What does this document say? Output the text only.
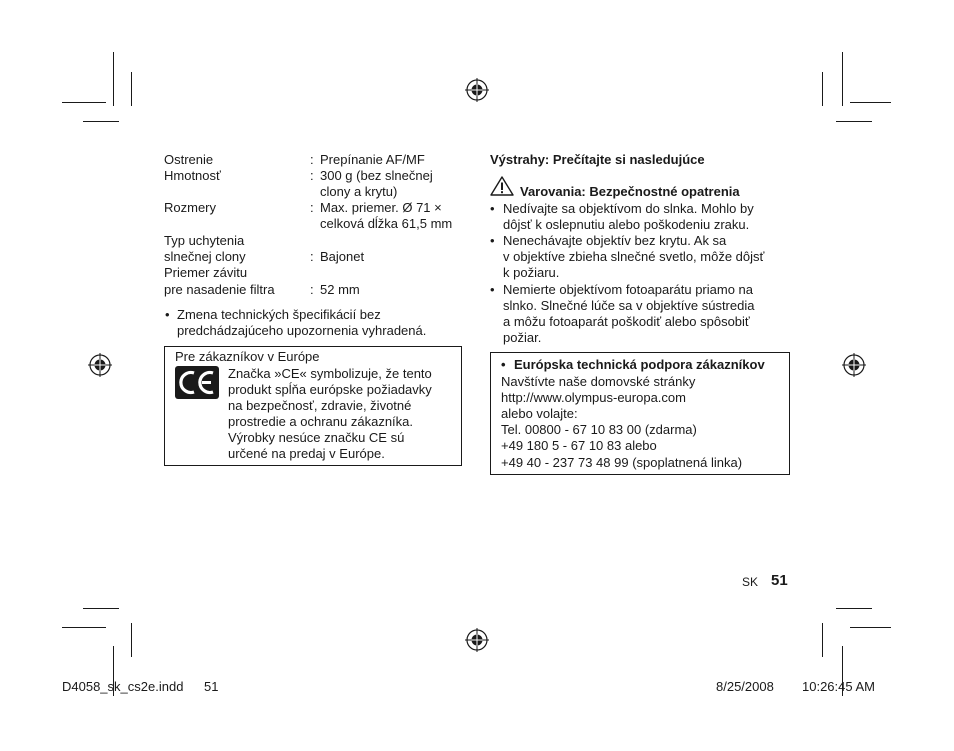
Ostrenie	: Prepínanie AF/MF
Hmotnosť	: 300 g (bez slnečnej
clony a krytu)
Rozmery	: Max. priemer. Ø 71 ×
celková dĺžka 61,5 mm
Typ uchytenia
slnečnej clony	: Bajonet
Priemer závitu
pre nasadenie filtra	: 52 mm
• Zmena technických špecifikácií bez
predchádzajúceho upozornenia vyhradená.
Pre zákazníkov v Európe
Značka »CE« symbolizuje, že tento
produkt spĺňa európske požiadavky
na bezpečnosť, zdravie, životné
prostredie a ochranu zákazníka.
Výrobky nesúce značku CE sú
určené na predaj v Európe.
Výstrahy: Prečítajte si nasledujúce
Varovania: Bezpečnostné opatrenia
• Nedívajte sa objektívom do slnka. Mohlo by
dôjsť k oslepnutiu alebo poškodeniu zraku.
• Nenechávajte objektív bez krytu. Ak sa
v objektíve zbieha slnečné svetlo, môže dôjsť
k požiaru.
• Nemierte objektívom fotoaparátu priamo na
slnko. Slnečné lúče sa v objektíve sústredia
a môžu fotoaparát poškodiť alebo spôsobiť
požiar.
• Európska technická podpora zákazníkov
Navštívte naše domovské stránky
http://www.olympus-europa.com
alebo volajte:
Tel. 00800 - 67 10 83 00 (zdarma)
+49 180 5 - 67 10 83 alebo
+49 40 - 237 73 48 99 (spoplatnená linka)
SK 51
D4058_sk_cs2e.indd 51	8/25/2008 10:26:45 AM
